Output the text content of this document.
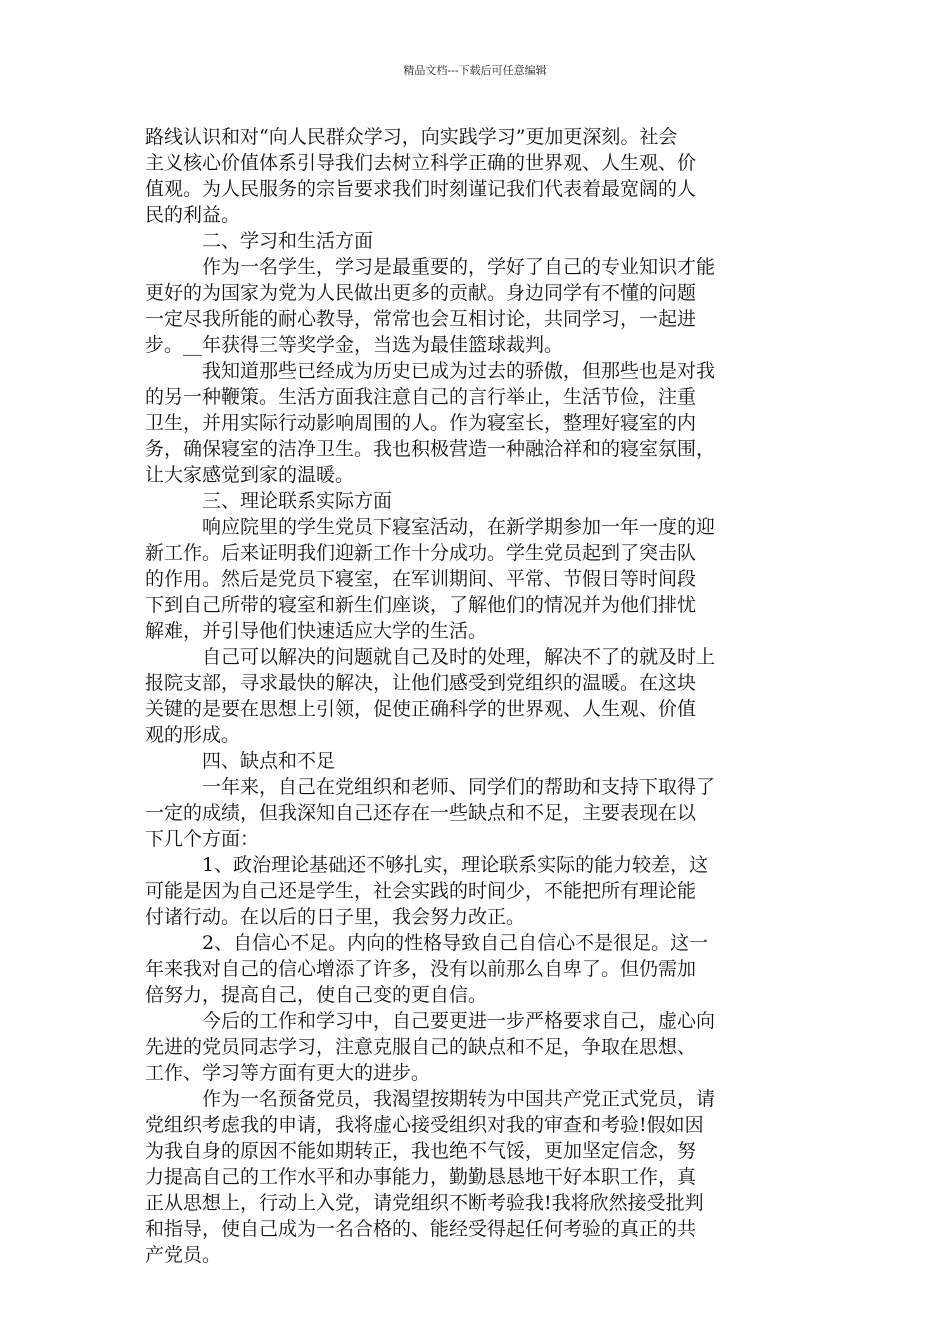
精品文档---下载后可任意编辑
路线认识和对“向人民群众学习，向实践学习”更加更深刻。社会
主义核心价值体系引导我们去树立科学正确的世界观、人生观、价
值观。为人民服务的宗旨要求我们时刻谨记我们代表着最宽阔的人
民的利益。
二、学习和生活方面
作为一名学生，学习是最重要的，学好了自己的专业知识才能
更好的为国家为党为人民做出更多的贡献。身边同学有不懂的问题
一定尽我所能的耐心教导，常常也会互相讨论，共同学习，一起进
步。__年获得三等奖学金，当选为最佳篮球裁判。
我知道那些已经成为历史已成为过去的骄傲，但那些也是对我
的另一种鞭策。生活方面我注意自己的言行举止，生活节俭，注重
卫生，并用实际行动影响周围的人。作为寝室长，整理好寝室的内
务，确保寝室的洁净卫生。我也积极营造一种融洽祥和的寝室氛围，
让大家感觉到家的温暖。
三、理论联系实际方面
响应院里的学生党员下寝室活动，在新学期参加一年一度的迎
新工作。后来证明我们迎新工作十分成功。学生党员起到了突击队
的作用。然后是党员下寝室，在军训期间、平常、节假日等时间段
下到自己所带的寝室和新生们座谈，了解他们的情况并为他们排忧
解难，并引导他们快速适应大学的生活。
自己可以解决的问题就自己及时的处理，解决不了的就及时上
报院支部，寻求最快的解决，让他们感受到党组织的温暖。在这块
关键的是要在思想上引领，促使正确科学的世界观、人生观、价值
观的形成。
四、缺点和不足
一年来，自己在党组织和老师、同学们的帮助和支持下取得了
一定的成绩，但我深知自己还存在一些缺点和不足，主要表现在以
下几个方面：
1、政治理论基础还不够扎实，理论联系实际的能力较差，这
可能是因为自己还是学生，社会实践的时间少，不能把所有理论能
付诸行动。在以后的日子里，我会努力改正。
2、自信心不足。内向的性格导致自己自信心不是很足。这一
年来我对自己的信心增添了许多，没有以前那么自卑了。但仍需加
倍努力，提高自己，使自己变的更自信。
今后的工作和学习中，自己要更进一步严格要求自己，虚心向
先进的党员同志学习，注意克服自己的缺点和不足，争取在思想、
工作、学习等方面有更大的进步。
作为一名预备党员，我渴望按期转为中国共产党正式党员，请
党组织考虑我的申请，我将虚心接受组织对我的审查和考验!假如因
为我自身的原因不能如期转正，我也绝不气馁，更加坚定信念，努
力提高自己的工作水平和办事能力，勤勤恳恳地干好本职工作，真
正从思想上，行动上入党，请党组织不断考验我!我将欣然接受批判
和指导，使自己成为一名合格的、能经受得起任何考验的真正的共
产党员。
